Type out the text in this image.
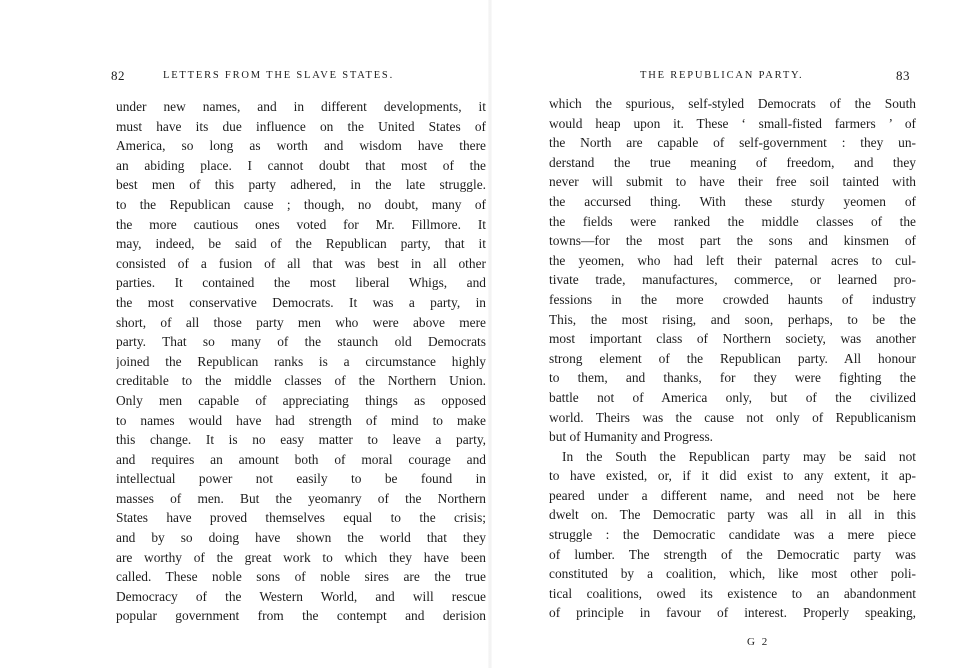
82	LETTERS FROM THE SLAVE STATES.
under new names, and in different developments, it
must have its due influence on the United States of
America, so long as worth and wisdom have there
an abiding place. I cannot doubt that most of the
best men of this party adhered, in the late struggle.
to the Republican cause ; though, no doubt, many of
the more cautious ones voted for Mr. Fillmore. It
may, indeed, be said of the Republican party, that it
consisted of a fusion of all that was best in all other
parties. It contained the most liberal Whigs, and
the most conservative Democrats. It was a party, in
short, of all those party men who were above mere
party. That so many of the staunch old Democrats
joined the Republican ranks is a circumstance highly
creditable to the middle classes of the Northern Union.
Only men capable of appreciating things as opposed
to names would have had strength of mind to make
this change. It is no easy matter to leave a party,
and requires an amount both of moral courage and
intellectual power not easily to be found in
masses of men. But the yeomanry of the Northern
States have proved themselves equal to the crisis;
and by so doing have shown the world that they
are worthy of the great work to which they have been
called. These noble sons of noble sires are the true
Democracy of the Western World, and will rescue
popular government from the contempt and derision
THE REPUBLICAN PARTY.	83
which the spurious, self-styled Democrats of the South
would heap upon it. These ‘ small-fisted farmers ’ of
the North are capable of self-government : they un-
derstand the true meaning of freedom, and they
never will submit to have their free soil tainted with
the accursed thing. With these sturdy yeomen of
the fields were ranked the middle classes of the
towns—for the most part the sons and kinsmen of
the yeomen, who had left their paternal acres to cul-
tivate trade, manufactures, commerce, or learned pro-
fessions in the more crowded haunts of industry
This, the most rising, and soon, perhaps, to be the
most important class of Northern society, was another
strong element of the Republican party. All honour
to them, and thanks, for they were fighting the
battle not of America only, but of the civilized
world. Theirs was the cause not only of Republicanism
but of Humanity and Progress.
In the South the Republican party may be said not
to have existed, or, if it did exist to any extent, it ap-
peared under a different name, and need not be here
dwelt on. The Democratic party was all in all in this
struggle : the Democratic candidate was a mere piece
of lumber. The strength of the Democratic party was
constituted by a coalition, which, like most other poli-
tical coalitions, owed its existence to an abandonment
of principle in favour of interest. Properly speaking,
G 2
